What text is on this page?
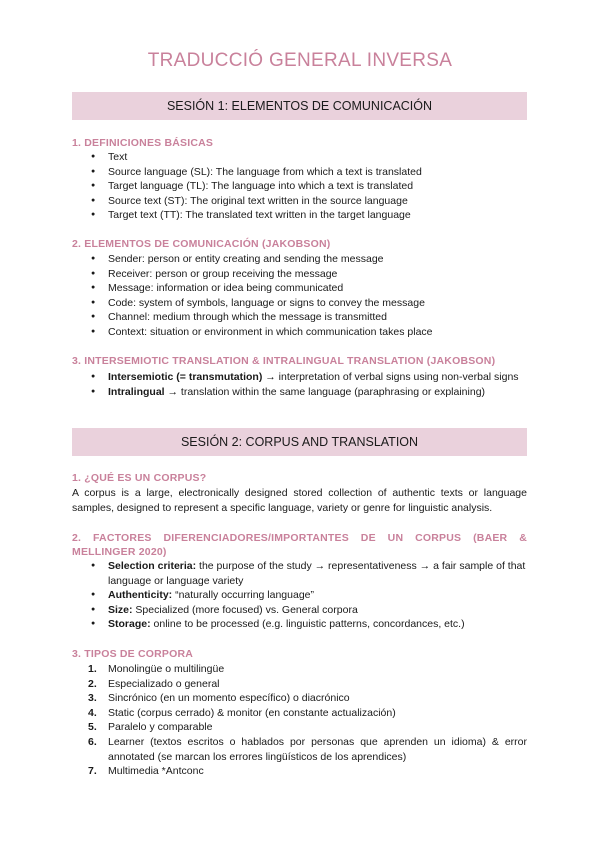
TRADUCCIÓ GENERAL INVERSA
SESIÓN 1: ELEMENTOS DE COMUNICACIÓN
1. DEFINICIONES BÁSICAS
● Text
● Source language (SL): The language from which a text is translated
● Target language (TL): The language into which a text is translated
● Source text (ST): The original text written in the source language
● Target text (TT): The translated text written in the target language
2. ELEMENTOS DE COMUNICACIÓN (JAKOBSON)
● Sender: person or entity creating and sending the message
● Receiver: person or group receiving the message
● Message: information or idea being communicated
● Code: system of symbols, language or signs to convey the message
● Channel: medium through which the message is transmitted
● Context: situation or environment in which communication takes place
3. INTERSEMIOTIC TRANSLATION & INTRALINGUAL TRANSLATION (JAKOBSON)
● Intersemiotic (= transmutation) → interpretation of verbal signs using non-verbal signs
● Intralingual → translation within the same language (paraphrasing or explaining)
SESIÓN 2: CORPUS AND TRANSLATION
1. ¿QUÉ ES UN CORPUS?
A corpus is a large, electronically designed stored collection of authentic texts or language samples, designed to represent a specific language, variety or genre for linguistic analysis.
2. FACTORES DIFERENCIADORES/IMPORTANTES DE UN CORPUS (BAER & MELLINGER 2020)
● Selection criteria: the purpose of the study → representativeness → a fair sample of that language or language variety
● Authenticity: “naturally occurring language”
● Size: Specialized (more focused) vs. General corpora
● Storage: online to be processed (e.g. linguistic patterns, concordances, etc.)
3. TIPOS DE CORPORA
1. Monolingüe o multilingüe
2. Especializado o general
3. Sincrónico (en un momento específico) o diacrónico
4. Static (corpus cerrado) & monitor (en constante actualización)
5. Paralelo y comparable
6. Learner (textos escritos o hablados por personas que aprenden un idioma) & error annotated (se marcan los errores lingüísticos de los aprendices)
7. Multimedia *Antconc
